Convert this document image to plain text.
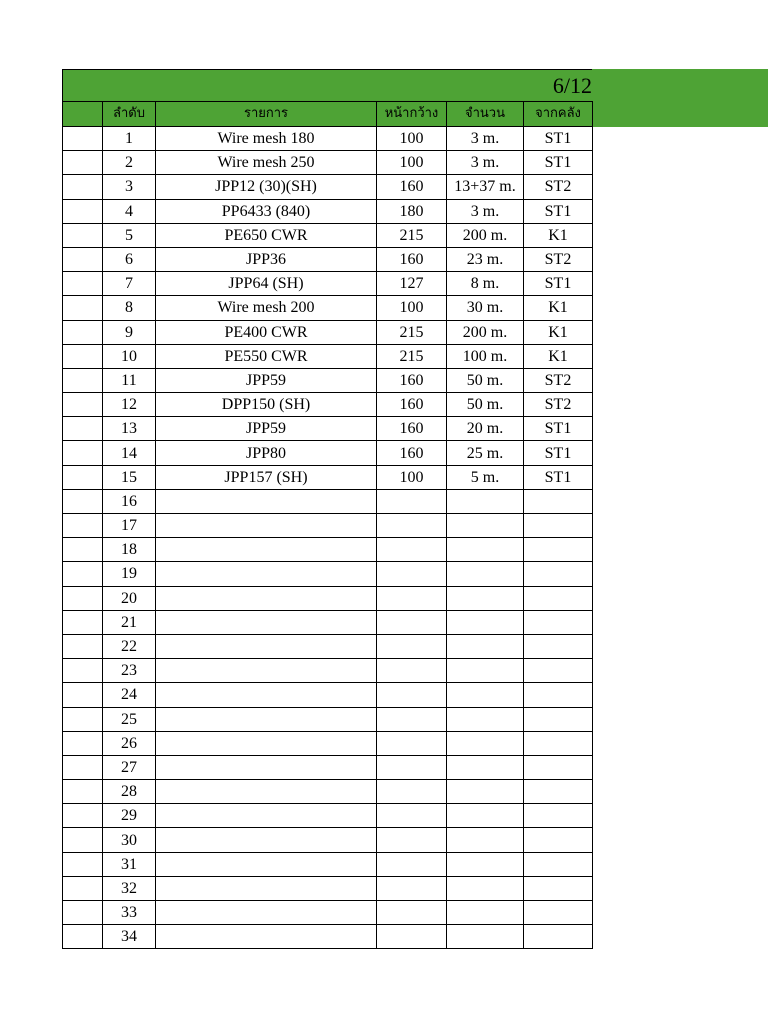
6/12
	ลำดับ	รายการ	หน้ากว้าง	จำนวน	จากคลัง
	1	Wire mesh 180	100	3 m.	ST1
	2	Wire mesh 250	100	3 m.	ST1
	3	JPP12 (30)(SH)	160	13+37 m.	ST2
	4	PP6433 (840)	180	3 m.	ST1
	5	PE650 CWR	215	200 m.	K1
	6	JPP36	160	23 m.	ST2
	7	JPP64 (SH)	127	8 m.	ST1
	8	Wire mesh 200	100	30 m.	K1
	9	PE400 CWR	215	200 m.	K1
	10	PE550 CWR	215	100 m.	K1
	11	JPP59	160	50 m.	ST2
	12	DPP150 (SH)	160	50 m.	ST2
	13	JPP59	160	20 m.	ST1
	14	JPP80	160	25 m.	ST1
	15	JPP157 (SH)	100	5 m.	ST1
	16				
	17				
	18				
	19				
	20				
	21				
	22				
	23				
	24				
	25				
	26				
	27				
	28				
	29				
	30				
	31				
	32				
	33				
	34				
